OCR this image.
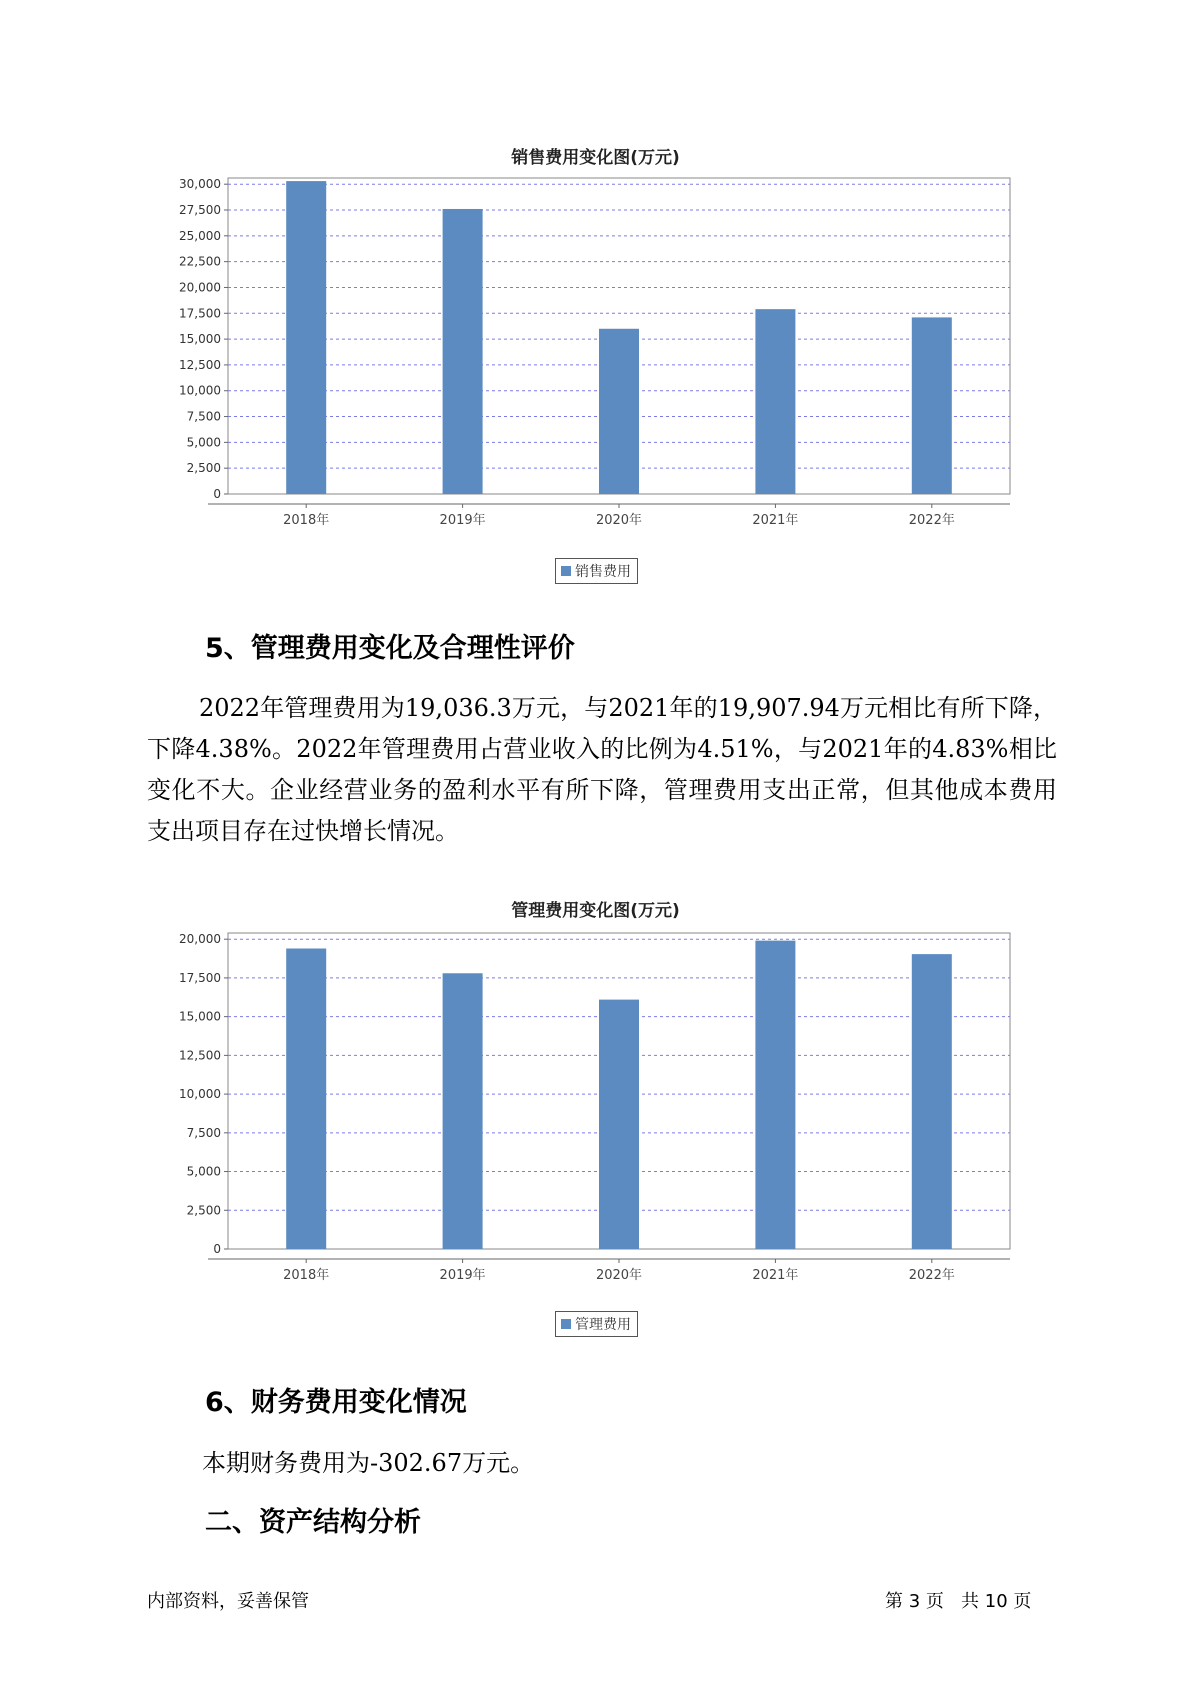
销售费用变化图(万元)
0
2,500
5,000
7,500
10,000
12,500
15,000
17,500
20,000
22,500
25,000
27,500
30,000
2018年	2019年	2020年	2021年	2022年
销售费用
5、管理费用变化及合理性评价

2022年管理费用为19,036.3万元，与2021年的19,907.94万元相比有所下降，下降4.38%。2022年管理费用占营业收入的比例为4.51%，与2021年的4.83%相比变化不大。企业经营业务的盈利水平有所下降，管理费用支出正常，但其他成本费用支出项目存在过快增长情况。

管理费用变化图(万元)
0
2,500
5,000
7,500
10,000
12,500
15,000
17,500
20,000
2018年	2019年	2020年	2021年	2022年
管理费用
6、财务费用变化情况

本期财务费用为-302.67万元。

二、资产结构分析
内部资料，妥善保管	第 3 页   共 10 页
